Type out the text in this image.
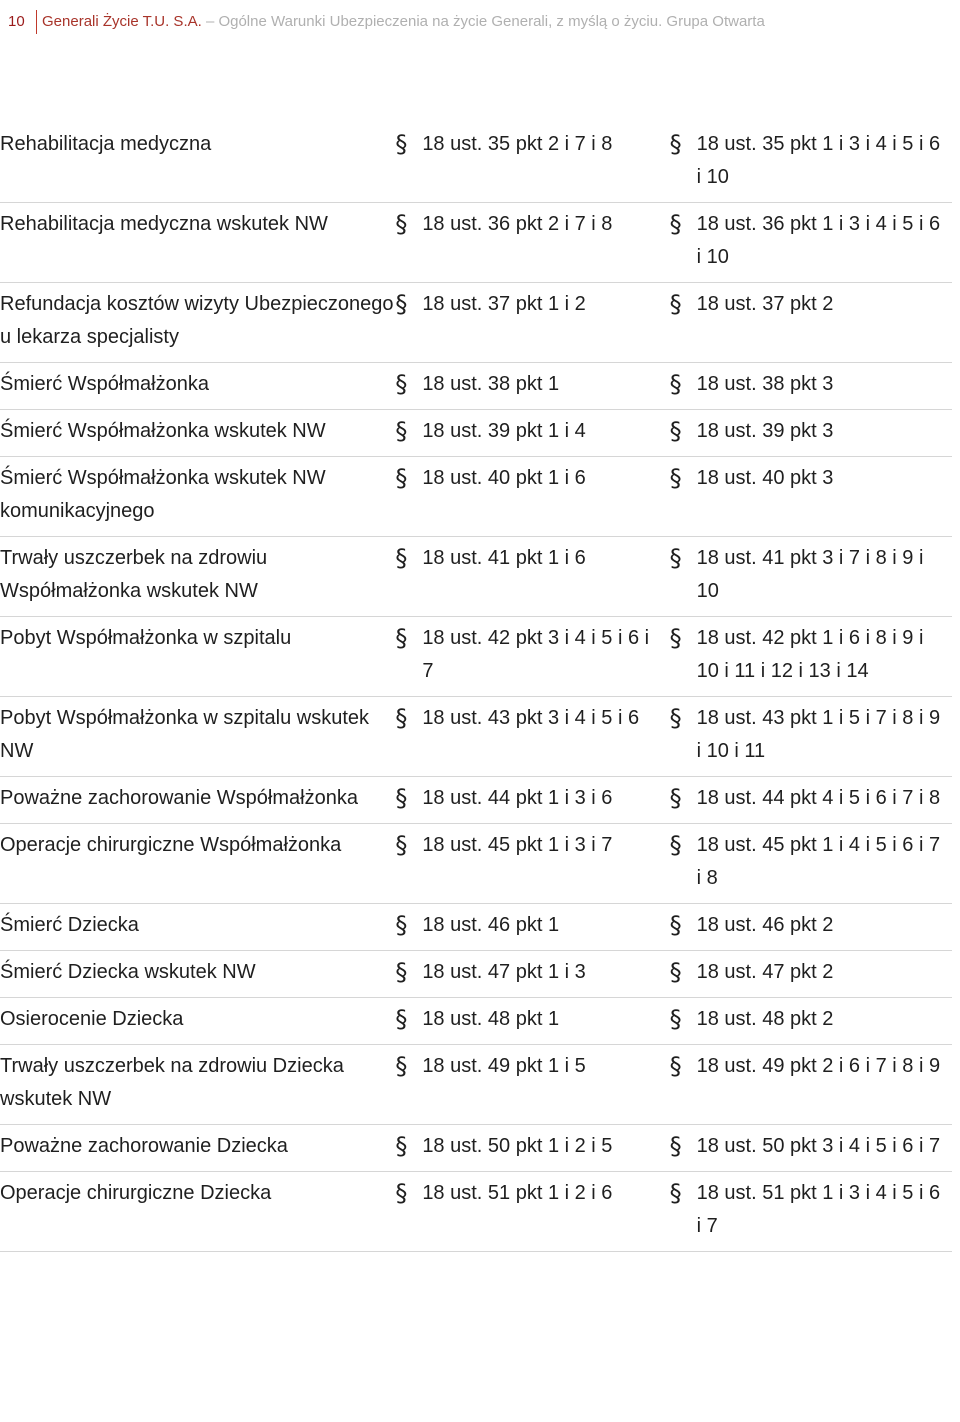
10 Generali Życie T.U. S.A. – Ogólne Warunki Ubezpieczenia na życie Generali, z myślą o życiu. Grupa Otwarta
Rehabilitacja medyczna	§ 18 ust. 35 pkt 2 i 7 i 8	§ 18 ust. 35 pkt 1 i 3 i 4 i 5 i 6 i 10

Rehabilitacja medyczna wskutek NW	§ 18 ust. 36 pkt 2 i 7 i 8	§ 18 ust. 36 pkt 1 i 3 i 4 i 5 i 6 i 10

Refundacja kosztów wizyty Ubezpieczonego u lekarza specjalisty	§ 18 ust. 37 pkt 1 i 2	§ 18 ust. 37 pkt 2

Śmierć Współmałżonka	§ 18 ust. 38 pkt 1	§ 18 ust. 38 pkt 3

Śmierć Współmałżonka wskutek NW	§ 18 ust. 39 pkt 1 i 4	§ 18 ust. 39 pkt 3

Śmierć Współmałżonka wskutek NW komunikacyjnego	§ 18 ust. 40 pkt 1 i 6	§ 18 ust. 40 pkt 3

Trwały uszczerbek na zdrowiu Współmałżonka wskutek NW	§ 18 ust. 41 pkt 1 i 6	§ 18 ust. 41 pkt 3 i 7 i 8 i 9 i 10

Pobyt Współmałżonka w szpitalu	§ 18 ust. 42 pkt 3 i 4 i 5 i 6 i 7	§ 18 ust. 42 pkt 1 i 6 i 8 i 9 i 10 i 11 i 12 i 13 i 14

Pobyt Współmałżonka w szpitalu wskutek NW	§ 18 ust. 43 pkt 3 i 4 i 5 i 6	§ 18 ust. 43 pkt 1 i 5 i 7 i 8 i 9 i 10 i 11

Poważne zachorowanie Współmałżonka	§ 18 ust. 44 pkt 1 i 3 i 6	§ 18 ust. 44 pkt 4 i 5 i 6 i 7 i 8

Operacje chirurgiczne Współmałżonka	§ 18 ust. 45 pkt 1 i 3 i 7	§ 18 ust. 45 pkt 1 i 4 i 5 i 6 i 7 i 8

Śmierć Dziecka	§ 18 ust. 46 pkt 1	§ 18 ust. 46 pkt 2

Śmierć Dziecka wskutek NW	§ 18 ust. 47 pkt 1 i 3	§ 18 ust. 47 pkt 2

Osierocenie Dziecka	§ 18 ust. 48 pkt 1	§ 18 ust. 48 pkt 2

Trwały uszczerbek na zdrowiu Dziecka wskutek NW	§ 18 ust. 49 pkt 1 i 5	§ 18 ust. 49 pkt 2 i 6 i 7 i 8 i 9

Poważne zachorowanie Dziecka	§ 18 ust. 50 pkt 1 i 2 i 5	§ 18 ust. 50 pkt 3 i 4 i 5 i 6 i 7

Operacje chirurgiczne Dziecka	§ 18 ust. 51 pkt 1 i 2 i 6	§ 18 ust. 51 pkt 1 i 3 i 4 i 5 i 6 i 7
